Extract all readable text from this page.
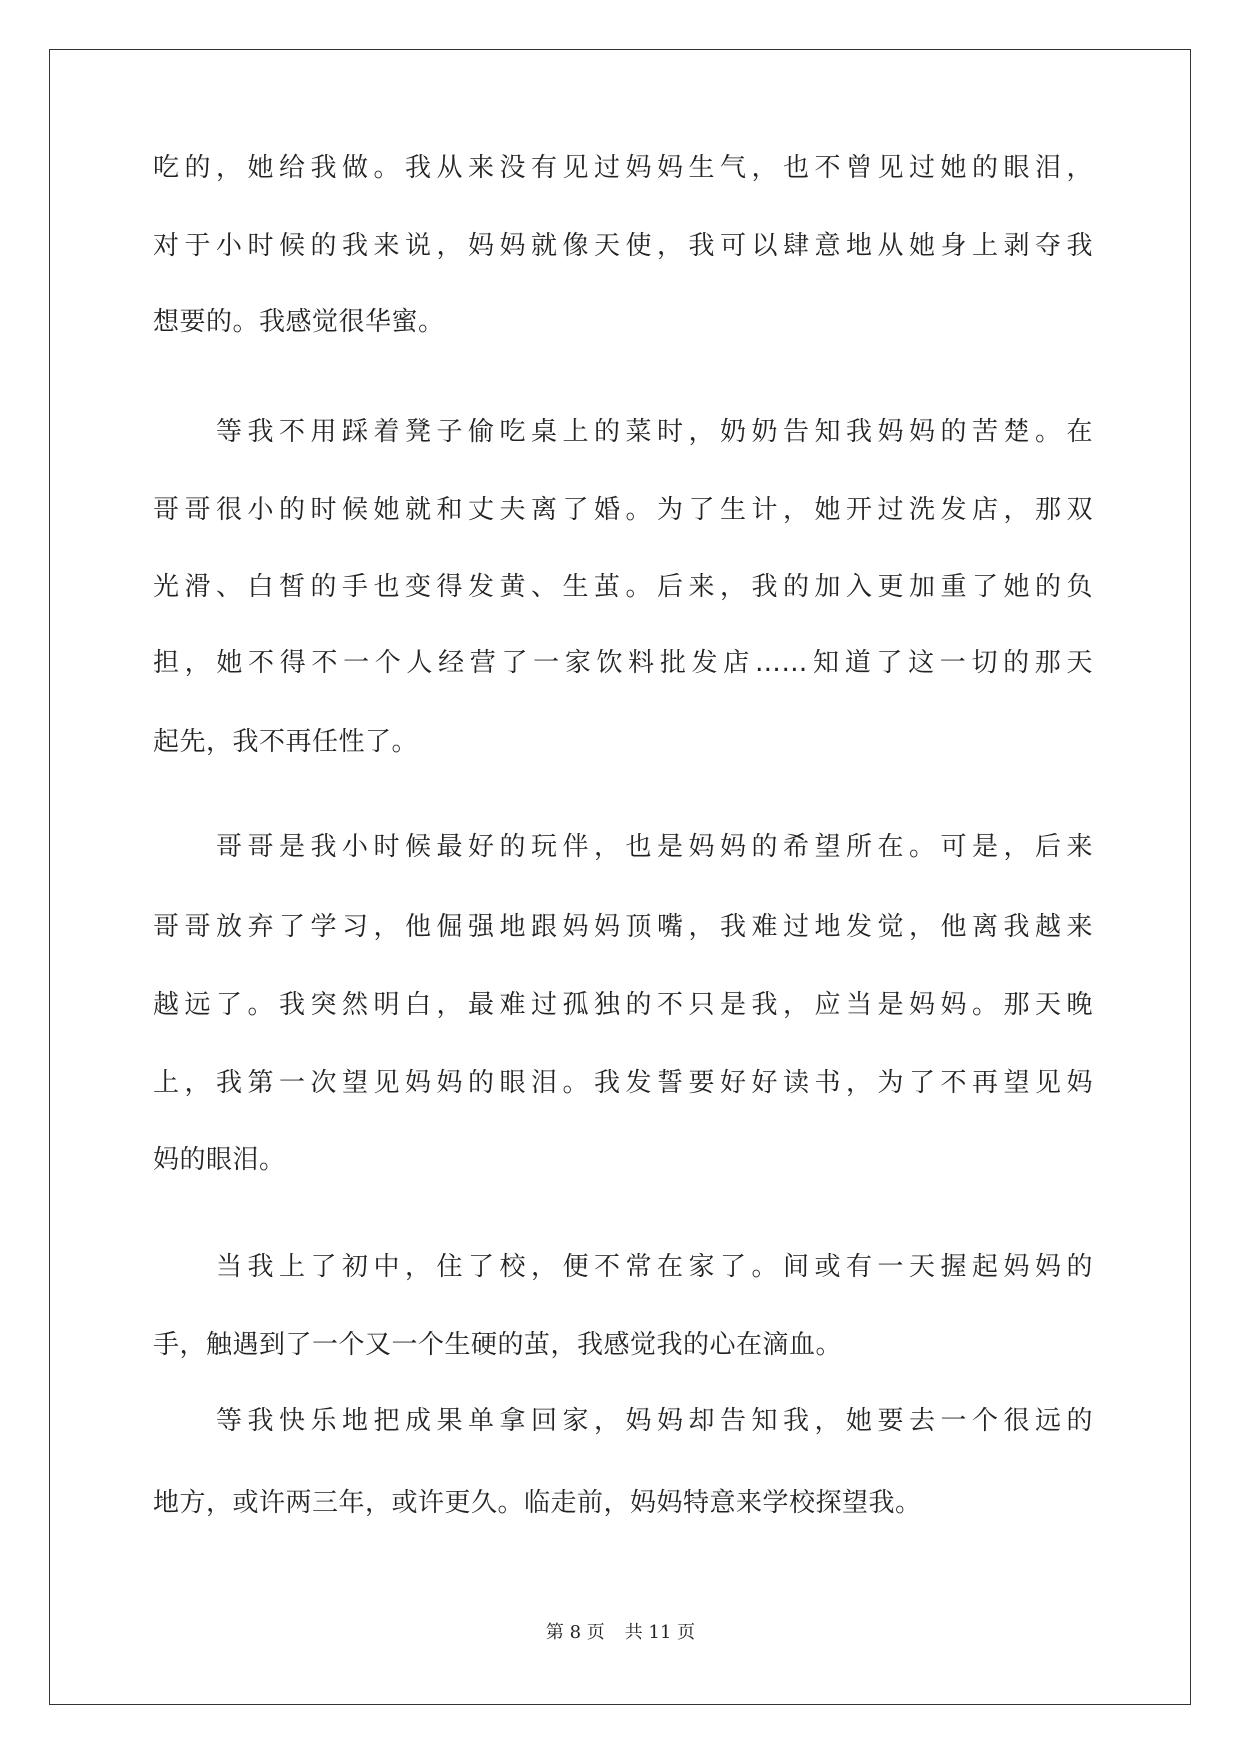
吃的，她给我做。我从来没有见过妈妈生气，也不曾见过她的眼泪，
对于小时候的我来说，妈妈就像天使，我可以肆意地从她身上剥夺我
想要的。我感觉很华蜜。
　　等我不用踩着凳子偷吃桌上的菜时，奶奶告知我妈妈的苦楚。在
哥哥很小的时候她就和丈夫离了婚。为了生计，她开过洗发店，那双
光滑、白皙的手也变得发黄、生茧。后来，我的加入更加重了她的负
担，她不得不一个人经营了一家饮料批发店……知道了这一切的那天
起先，我不再任性了。
　　哥哥是我小时候最好的玩伴，也是妈妈的希望所在。可是，后来
哥哥放弃了学习，他倔强地跟妈妈顶嘴，我难过地发觉，他离我越来
越远了。我突然明白，最难过孤独的不只是我，应当是妈妈。那天晚
上，我第一次望见妈妈的眼泪。我发誓要好好读书，为了不再望见妈
妈的眼泪。
　　当我上了初中，住了校，便不常在家了。间或有一天握起妈妈的
手，触遇到了一个又一个生硬的茧，我感觉我的心在滴血。
　　等我快乐地把成果单拿回家，妈妈却告知我，她要去一个很远的
地方，或许两三年，或许更久。临走前，妈妈特意来学校探望我。
第 8 页 共 11 页
